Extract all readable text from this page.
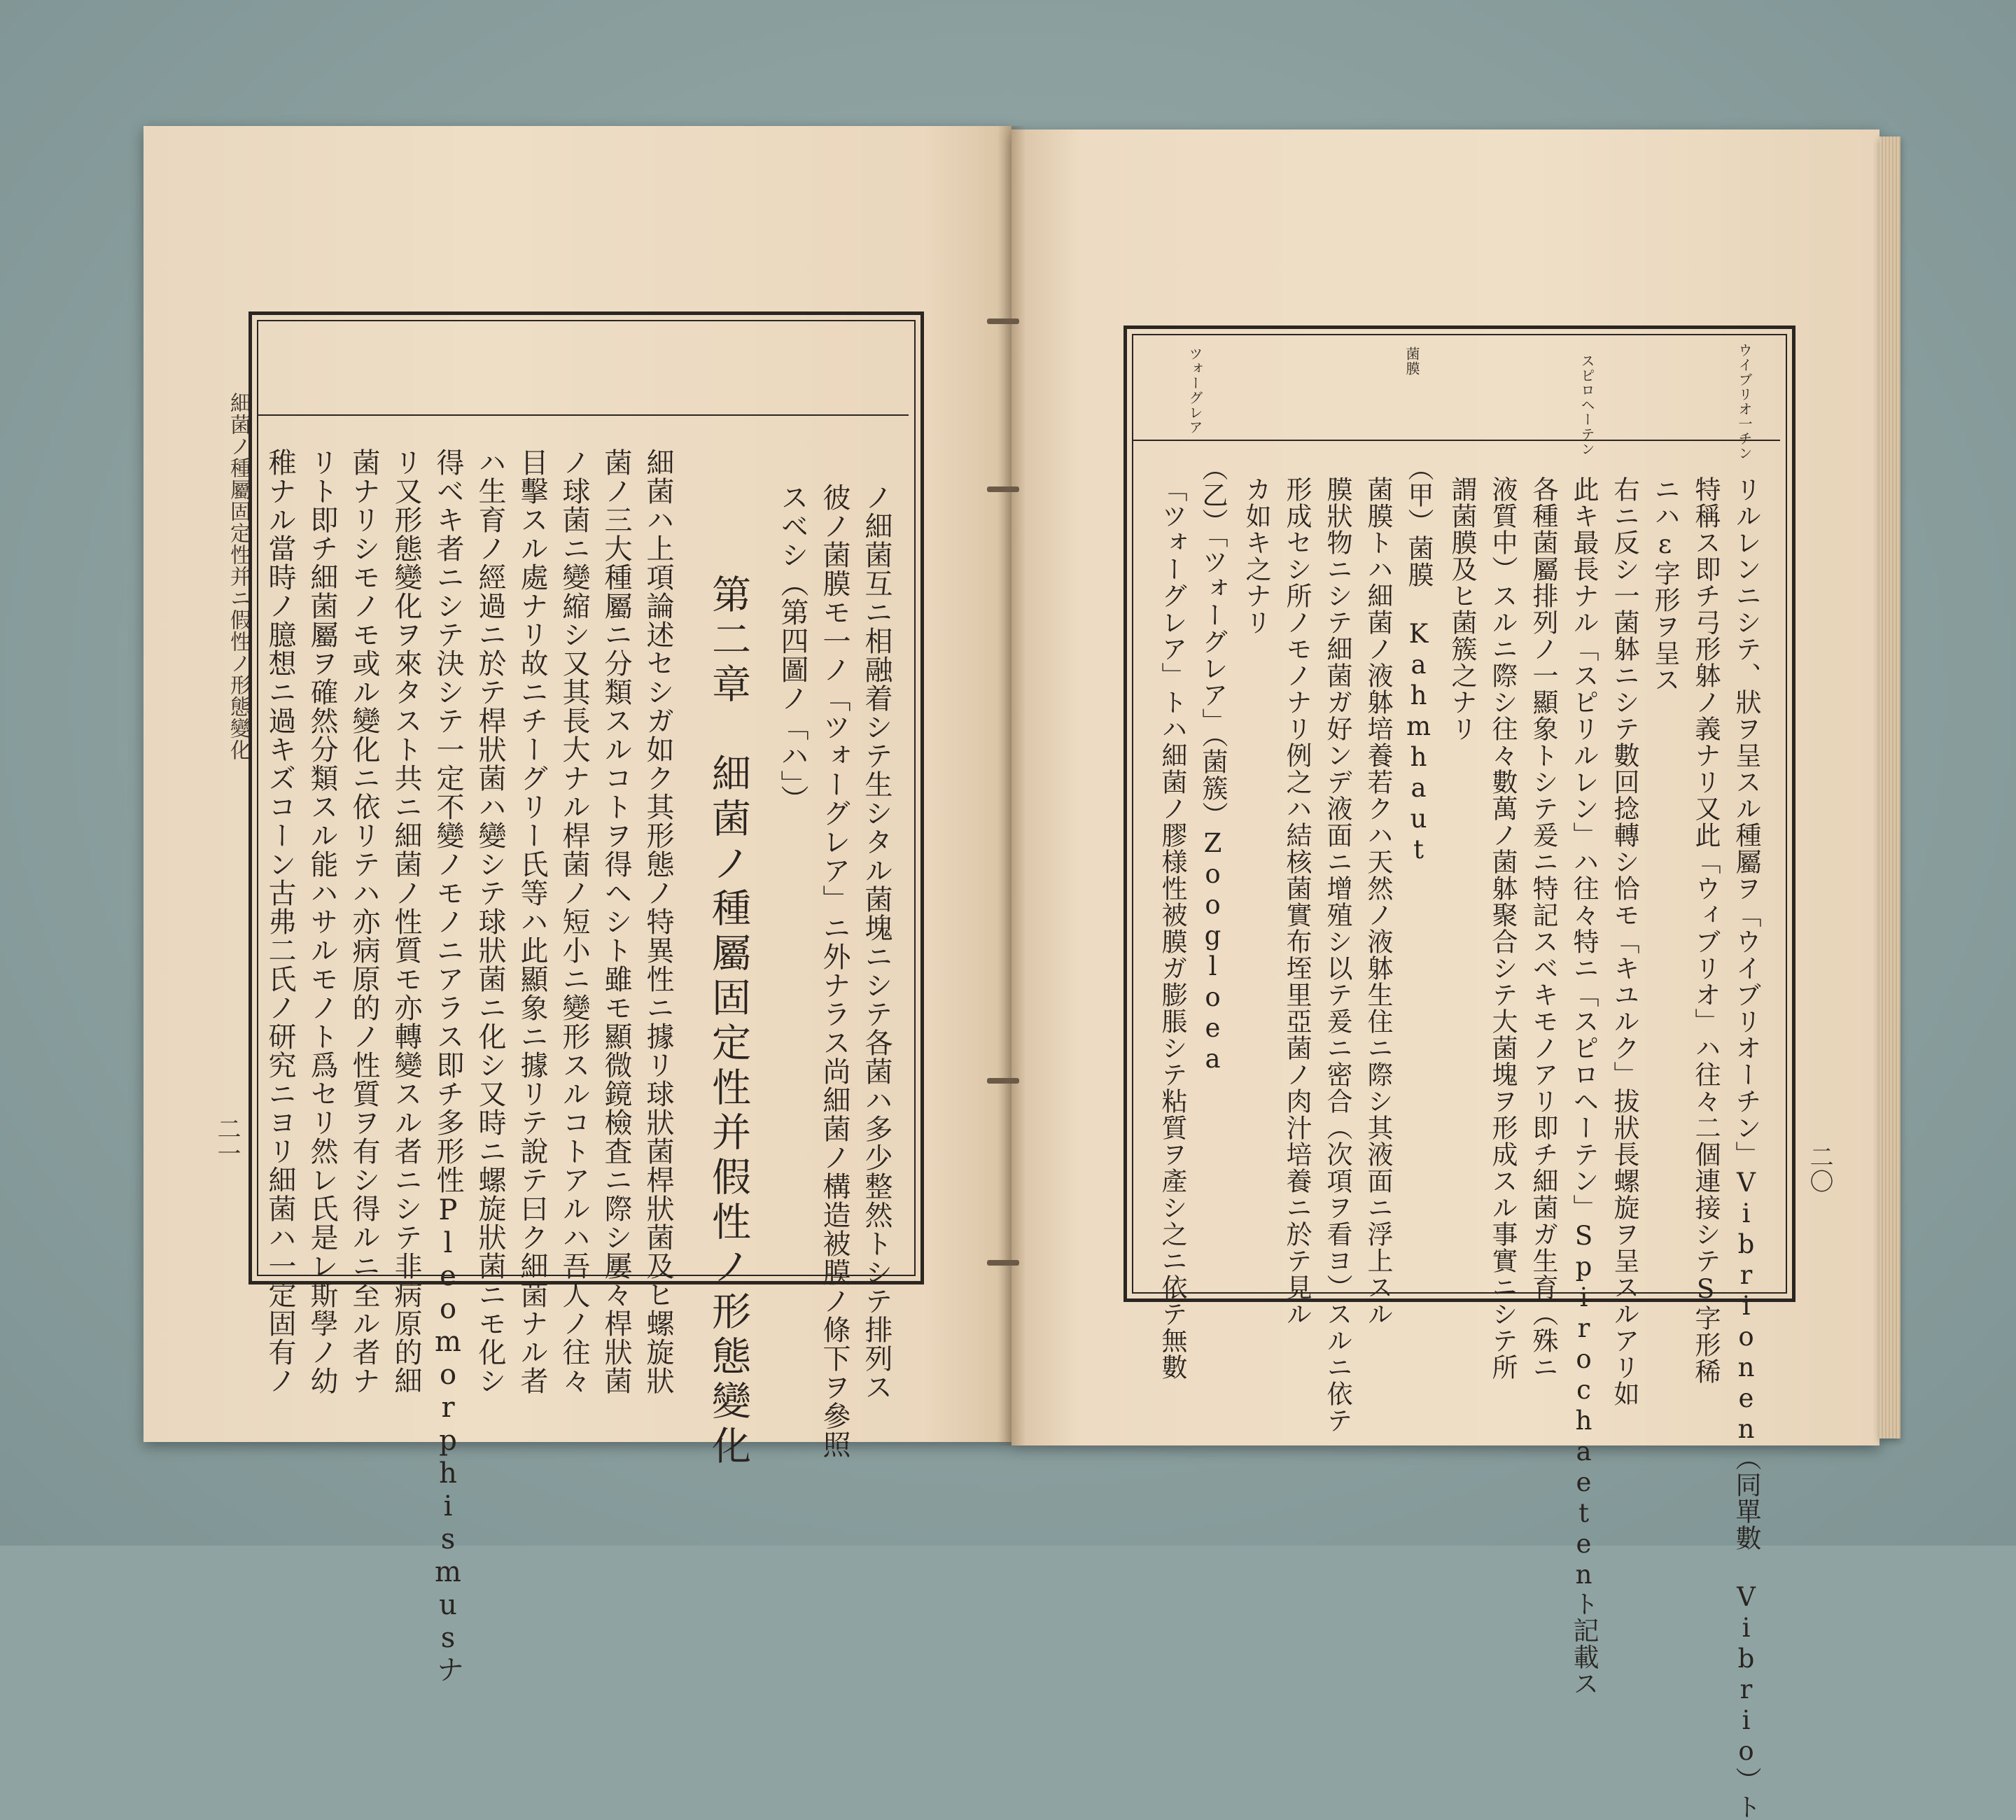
細菌ノ種屬固定性并ニ假性ノ形態變化
二一	ノ細菌互ニ相融着シテ生シタル菌塊ニシテ各菌ハ多少整然トシテ排列ス
彼ノ菌膜モ一ノ「ツォーグレア」ニ外ナラス尚細菌ノ構造被膜ノ條下ヲ參照
スベシ（第四圖ノ「ハ」）
第二章　細菌ノ種屬固定性并假性ノ形態變化
細菌ハ上項論述セシガ如ク其形態ノ特異性ニ據リ球狀菌桿狀菌及ヒ螺旋狀
菌ノ三大種屬ニ分類スルコトヲ得ヘシト雖モ顯微鏡檢査ニ際シ屢々桿狀菌
ノ球菌ニ變縮シ又其長大ナル桿菌ノ短小ニ變形スルコトアルハ吾人ノ往々
目擊スル處ナリ故ニチーグリー氏等ハ此顯象ニ據リテ說テ曰ク細菌ナル者
ハ生育ノ經過ニ於テ桿狀菌ハ變シテ球狀菌ニ化シ又時ニ螺旋狀菌ニモ化シ
得ベキ者ニシテ決シテ一定不變ノモノニアラス即チ多形性Pleomorphismusナ
リ又形態變化ヲ來タスト共ニ細菌ノ性質モ亦轉變スル者ニシテ非病原的細
菌ナリシモノモ或ル變化ニ依リテハ亦病原的ノ性質ヲ有シ得ルニ至ル者ナ
リト即チ細菌屬ヲ確然分類スル能ハサルモノト爲セリ然レ氏是レ斯學ノ幼
稚ナル當時ノ臆想ニ過キズコーン古弗二氏ノ研究ニヨリ細菌ハ一定固有ノ
ウイブリオ一チン
スピロヘーテン
菌膜
ツォーグレア
リルレンニシテ、狀ヲ呈スル種屬ヲ「ウイブリオーチン」Vibrionen（同單數 Vibrio）ト
特稱ス即チ弓形躰ノ義ナリ又此「ウィブリオ」ハ往々二個連接シテS字形稀
ニハε字形ヲ呈ス
右ニ反シ一菌躰ニシテ數回捻轉シ恰モ「キユルク」拔狀長螺旋ヲ呈スルアリ如
此キ最長ナル「スピリルレン」ハ往々特ニ「スピロヘーテン」Spirochaetenト記載ス
各種菌屬排列ノ一顯象トシテ爰ニ特記スベキモノアリ即チ細菌ガ生育（殊ニ
液質中）スルニ際シ往々數萬ノ菌躰聚合シテ大菌塊ヲ形成スル事實ニシテ所
謂菌膜及ヒ菌簇之ナリ
（甲）菌膜 Kahmhaut
菌膜トハ細菌ノ液躰培養若クハ天然ノ液躰生住ニ際シ其液面ニ浮上スル
膜狀物ニシテ細菌ガ好ンデ液面ニ增殖シ以テ爰ニ密合（次項ヲ看ヨ）スルニ依テ
形成セシ所ノモノナリ例之ハ結核菌實布垤里亞菌ノ肉汁培養ニ於テ見ル
カ如キ之ナリ
（乙）「ツォーグレア」（菌簇）Zoogloea
「ツォーグレア」トハ細菌ノ膠様性被膜ガ膨脹シテ粘質ヲ產シ之ニ依テ無數	二〇
